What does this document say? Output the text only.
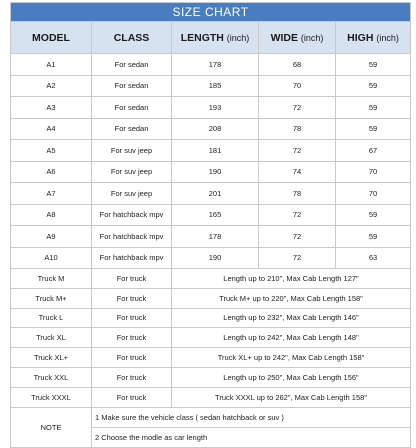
SIZE CHART				
MODEL	CLASS	LENGTH (inch)	WIDE (inch)	HIGH (inch)
A1	For sedan	178	68	59
A2	For sedan	185	70	59
A3	For sedan	193	72	59
A4	For sedan	208	78	59
A5	For suv jeep	181	72	67
A6	For suv jeep	190	74	70
A7	For suv jeep	201	78	70
A8	For hatchback mpv	165	72	59
A9	For hatchback mpv	178	72	59
A10	For hatchback mpv	190	72	63
Truck M	For truck	Length up to 210", Max Cab Length 127"		
Truck M+	For truck	Truck M+ up to 220", Max Cab Length 158"		
Truck L	For truck	Length up to 232", Max Cab Length 146"		
Truck XL	For truck	Length up to 242", Max Cab Length 148"		
Truck XL+	For truck	Truck XL+ up to 242", Max Cab Length 158"		
Truck XXL	For truck	Length up to 250", Max Cab Length 156"		
Truck XXXL	For truck	Truck XXXL up to 262", Max Cab Length 158"		
NOTE	1 Make sure the vehicle class ( sedan hatchback or suv )			
	2 Choose the modle as car length			
